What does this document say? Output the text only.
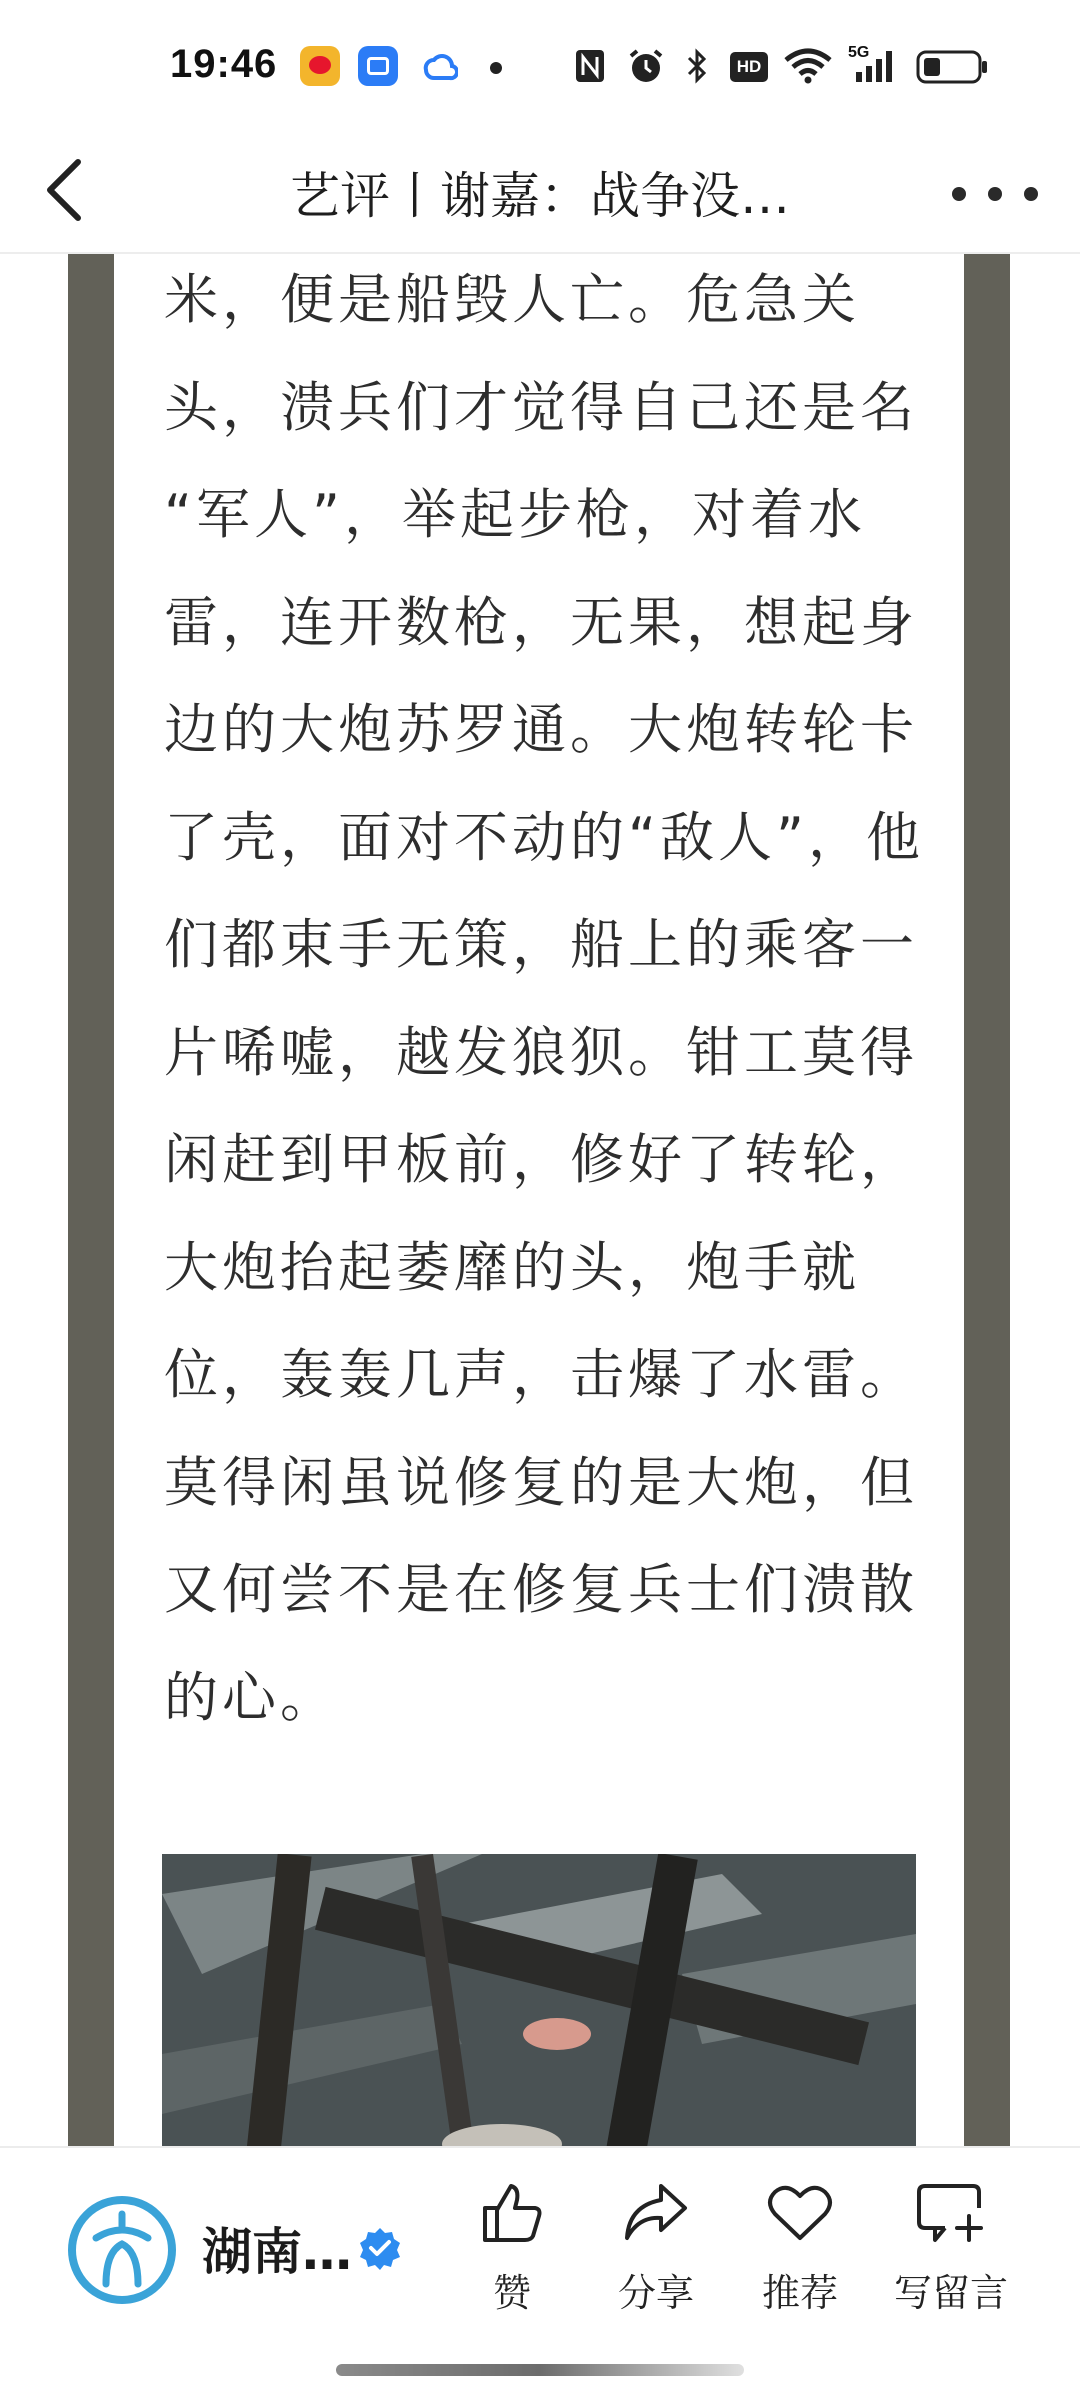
19:46	HD
5G
艺评丨谢嘉：战争没…
米，便是船毁人亡。危急关
头，溃兵们才觉得自己还是名
“军人”，举起步枪，对着水
雷，连开数枪，无果，想起身
边的大炮苏罗通。大炮转轮卡
了壳，面对不动的“敌人”，他
们都束手无策，船上的乘客一
片唏嘘，越发狼狈。钳工莫得
闲赶到甲板前，修好了转轮，
大炮抬起萎靡的头，炮手就
位，轰轰几声，击爆了水雷。
莫得闲虽说修复的是大炮，但
又何尝不是在修复兵士们溃散
的心。
湖南…
赞	分享	推荐	写留言
